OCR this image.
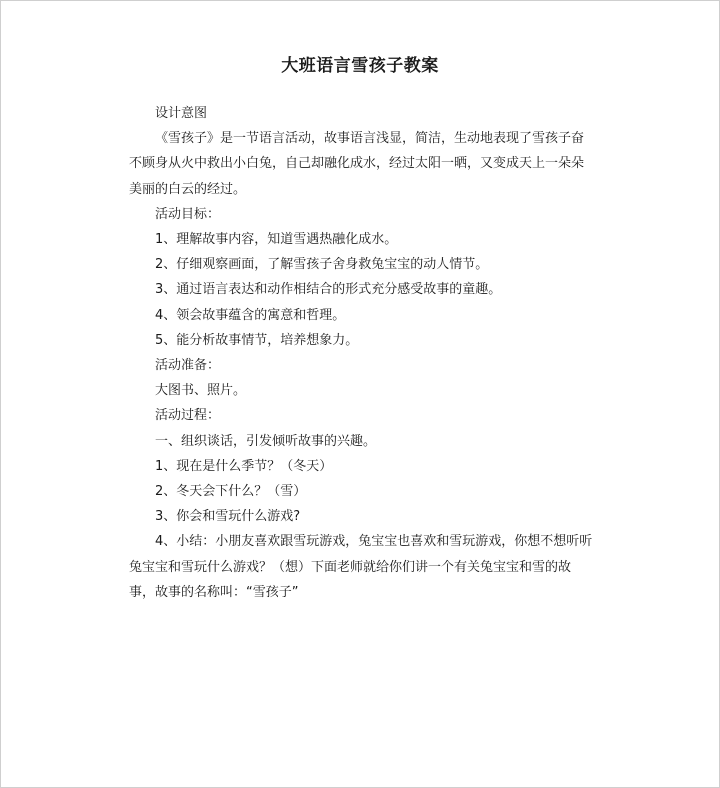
大班语言雪孩子教案

设计意图

《雪孩子》是一节语言活动，故事语言浅显，简洁，生动地表现了雪孩子奋不顾身从火中救出小白兔，自己却融化成水，经过太阳一晒，又变成天上一朵朵美丽的白云的经过。

活动目标：

1、理解故事内容，知道雪遇热融化成水。

2、仔细观察画面，了解雪孩子舍身救兔宝宝的动人情节。

3、通过语言表达和动作相结合的形式充分感受故事的童趣。

4、领会故事蕴含的寓意和哲理。

5、能分析故事情节，培养想象力。

活动准备：

大图书、照片。

活动过程：

一、组织谈话，引发倾听故事的兴趣。

1、现在是什么季节？（冬天）

2、冬天会下什么？（雪）

3、你会和雪玩什么游戏?

4、小结：小朋友喜欢跟雪玩游戏，兔宝宝也喜欢和雪玩游戏，你想不想听听兔宝宝和雪玩什么游戏？（想）下面老师就给你们讲一个有关兔宝宝和雪的故事，故事的名称叫：“雪孩子”
